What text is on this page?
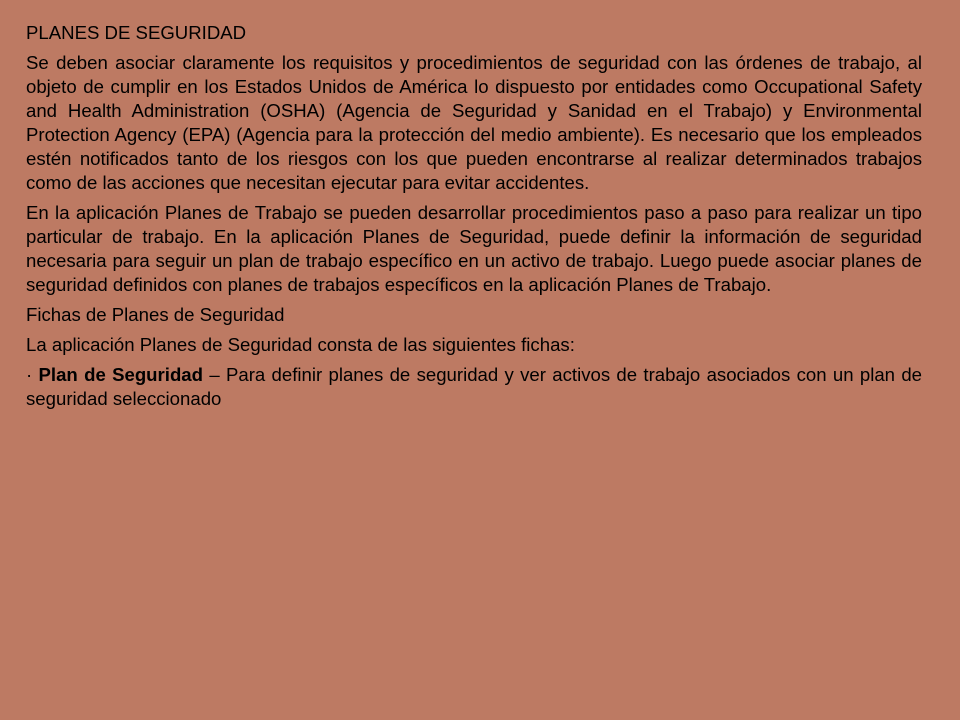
PLANES DE SEGURIDAD

Se deben asociar claramente los requisitos y procedimientos de seguridad con las órdenes de trabajo, al objeto de cumplir en los Estados Unidos de América lo dispuesto por entidades como Occupational Safety and Health Administration (OSHA) (Agencia de Seguridad y Sanidad en el Trabajo) y Environmental Protection Agency (EPA) (Agencia para la protección del medio ambiente). Es necesario que los empleados estén notificados tanto de los riesgos con los que pueden encontrarse al realizar determinados trabajos como de las acciones que necesitan ejecutar para evitar accidentes.

En la aplicación Planes de Trabajo se pueden desarrollar procedimientos paso a paso para realizar un tipo particular de trabajo. En la aplicación Planes de Seguridad, puede definir la información de seguridad necesaria para seguir un plan de trabajo específico en un activo de trabajo. Luego puede asociar planes de seguridad definidos con planes de trabajos específicos en la aplicación Planes de Trabajo.

Fichas de Planes de Seguridad

La aplicación Planes de Seguridad consta de las siguientes fichas:

· Plan de Seguridad – Para definir planes de seguridad y ver activos de trabajo asociados con un plan de seguridad seleccionado
